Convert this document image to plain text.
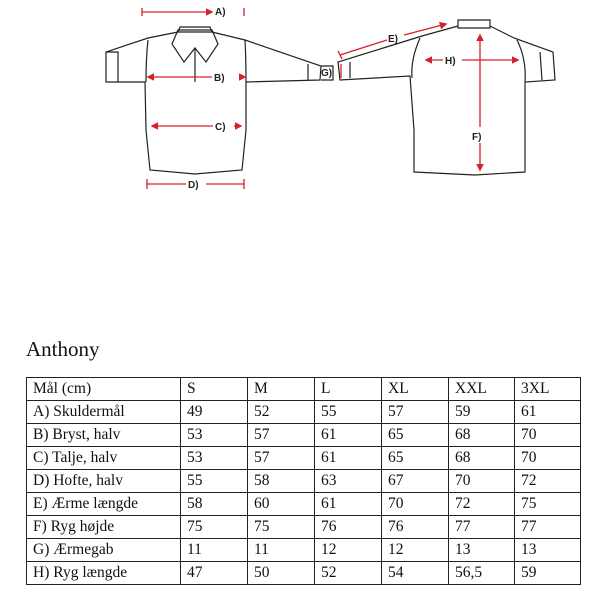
A)
B)
C)
D)
E)
F)
G)
H)
Anthony
Mål (cm)	S	M	L	XL	XXL	3XL
A) Skuldermål	49	52	55	57	59	61
B) Bryst, halv	53	57	61	65	68	70
C) Talje, halv	53	57	61	65	68	70
D) Hofte, halv	55	58	63	67	70	72
E) Ærme længde	58	60	61	70	72	75
F) Ryg højde	75	75	76	76	77	77
G) Ærmegab	11	11	12	12	13	13
H) Ryg længde	47	50	52	54	56,5	59
